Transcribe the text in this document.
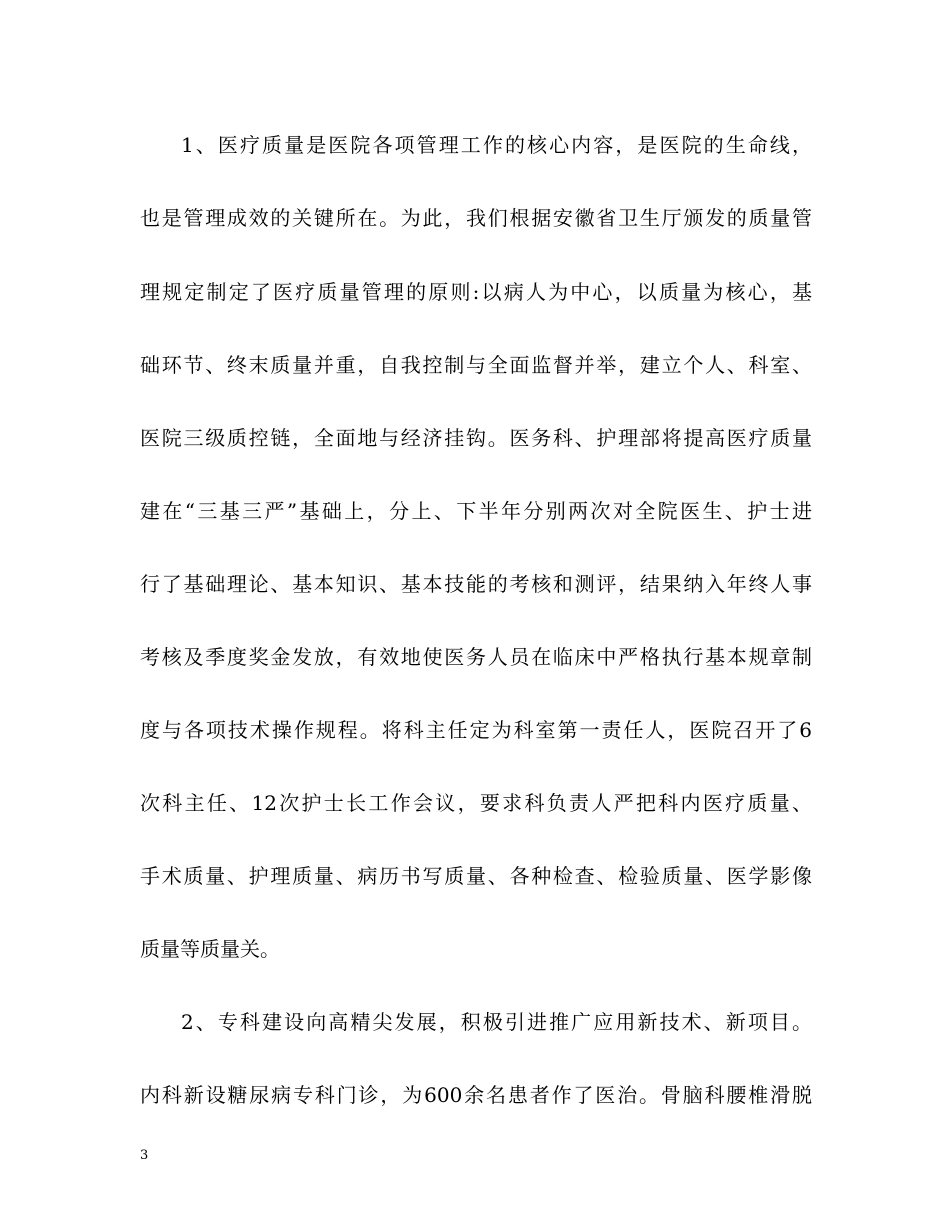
1、医疗质量是医院各项管理工作的核心内容，是医院的生命线，
也是管理成效的关键所在。为此，我们根据安徽省卫生厅颁发的质量管
理规定制定了医疗质量管理的原则:以病人为中心，以质量为核心，基
础环节、终末质量并重，自我控制与全面监督并举，建立个人、科室、
医院三级质控链，全面地与经济挂钩。医务科、护理部将提高医疗质量
建在“三基三严”基础上，分上、下半年分别两次对全院医生、护士进
行了基础理论、基本知识、基本技能的考核和测评，结果纳入年终人事
考核及季度奖金发放，有效地使医务人员在临床中严格执行基本规章制
度与各项技术操作规程。将科主任定为科室第一责任人，医院召开了6
次科主任、12次护士长工作会议，要求科负责人严把科内医疗质量、
手术质量、护理质量、病历书写质量、各种检查、检验质量、医学影像
质量等质量关。
2、专科建设向高精尖发展，积极引进推广应用新技术、新项目。
内科新设糖尿病专科门诊，为600余名患者作了医治。骨脑科腰椎滑脱
3
